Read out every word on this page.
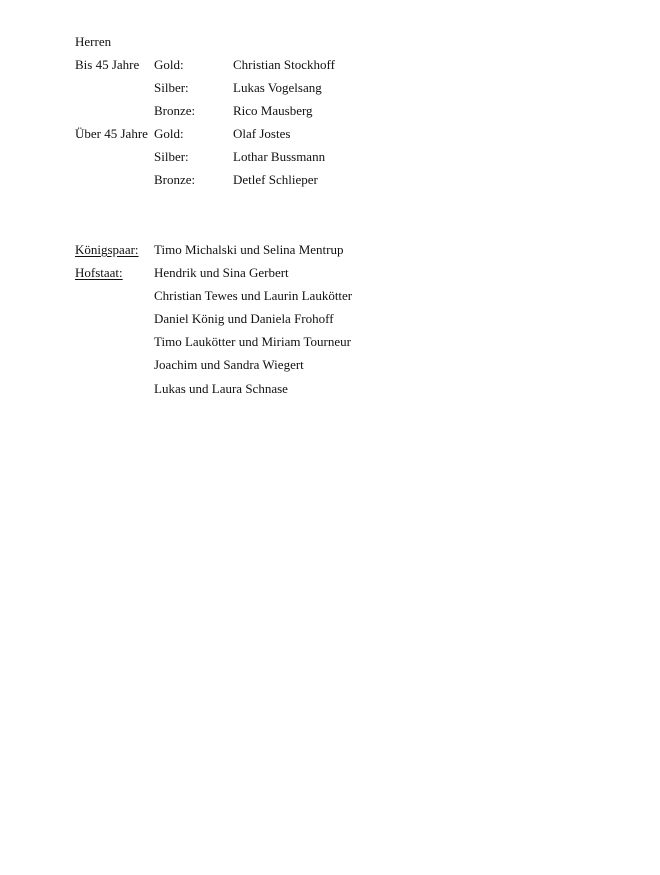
Herren
Bis 45 Jahre Gold:	Christian Stockhoff
Silber:	Lukas Vogelsang
Bronze:	Rico Mausberg
Über 45 Jahre Gold:	Olaf Jostes
Silber:	Lothar Bussmann
Bronze:	Detlef Schlieper
Königspaar: Timo Michalski und Selina Mentrup
Hofstaat: Hendrik und Sina Gerbert
Christian Tewes und Laurin Laukötter
Daniel König und Daniela Frohoff
Timo Laukötter und Miriam Tourneur
Joachim und Sandra Wiegert
Lukas und Laura Schnase
